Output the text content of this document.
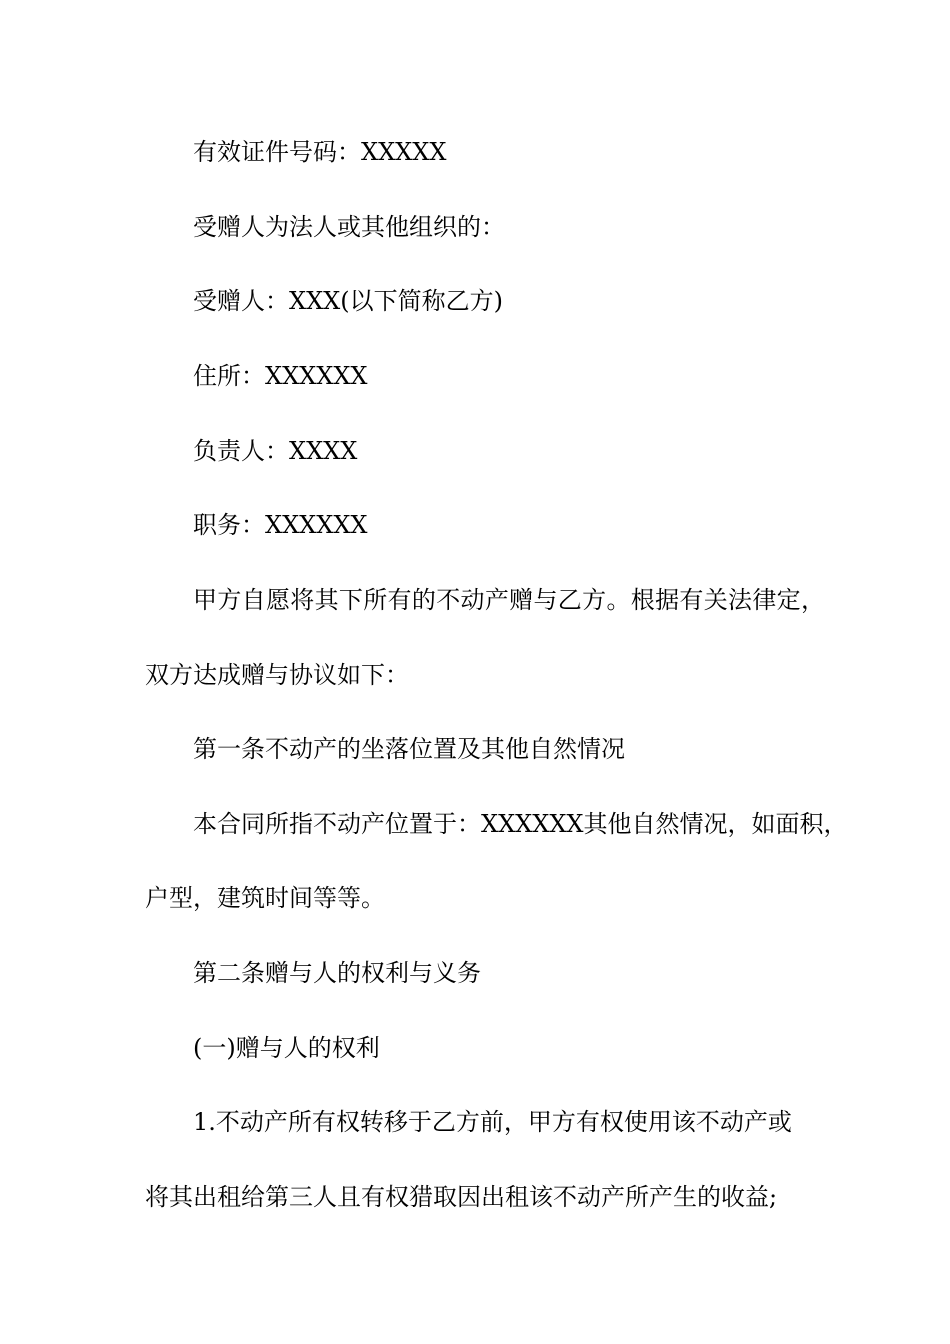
有效证件号码：XXXXX
受赠人为法人或其他组织的：
受赠人：XXX(以下简称乙方)
住所：XXXXXX
负责人：XXXX
职务：XXXXXX
甲方自愿将其下所有的不动产赠与乙方。根据有关法律定，
双方达成赠与协议如下：
第一条不动产的坐落位置及其他自然情况
本合同所指不动产位置于：XXXXXX其他自然情况，如面积，
户型，建筑时间等等。
第二条赠与人的权利与义务
(一)赠与人的权利
1.不动产所有权转移于乙方前，甲方有权使用该不动产或
将其出租给第三人且有权猎取因出租该不动产所产生的收益;
